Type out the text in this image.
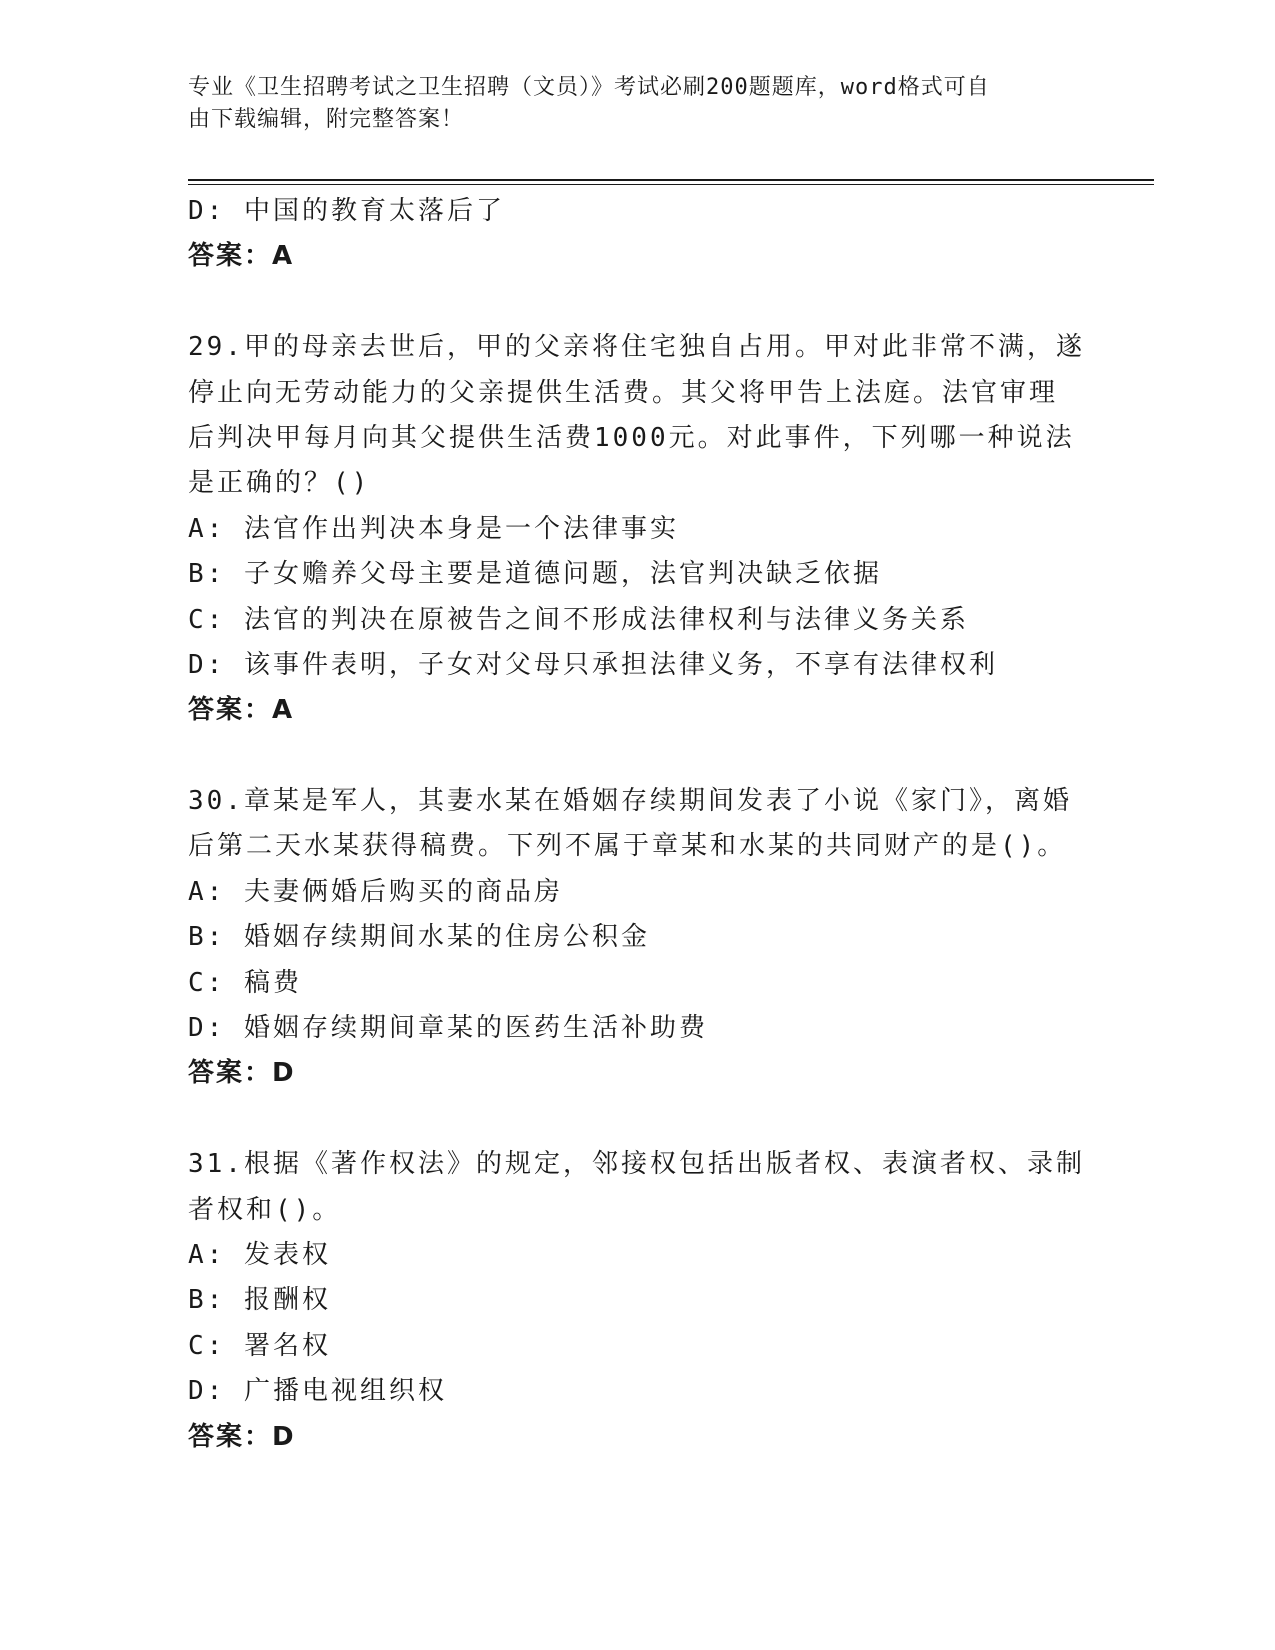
专业《卫生招聘考试之卫生招聘（文员）》考试必刷200题题库，word格式可自
由下载编辑，附完整答案！
D: 中国的教育太落后了
答案：A
29.甲的母亲去世后，甲的父亲将住宅独自占用。甲对此非常不满，遂
停止向无劳动能力的父亲提供生活费。其父将甲告上法庭。法官审理
后判决甲每月向其父提供生活费1000元。对此事件，下列哪一种说法
是正确的？()
A: 法官作出判决本身是一个法律事实
B: 子女赡养父母主要是道德问题，法官判决缺乏依据
C: 法官的判决在原被告之间不形成法律权利与法律义务关系
D: 该事件表明，子女对父母只承担法律义务，不享有法律权利
答案：A
30.章某是军人，其妻水某在婚姻存续期间发表了小说《家门》，离婚
后第二天水某获得稿费。下列不属于章某和水某的共同财产的是()。
A: 夫妻俩婚后购买的商品房
B: 婚姻存续期间水某的住房公积金
C: 稿费
D: 婚姻存续期间章某的医药生活补助费
答案：D
31.根据《著作权法》的规定，邻接权包括出版者权、表演者权、录制
者权和()。
A: 发表权
B: 报酬权
C: 署名权
D: 广播电视组织权
答案：D
